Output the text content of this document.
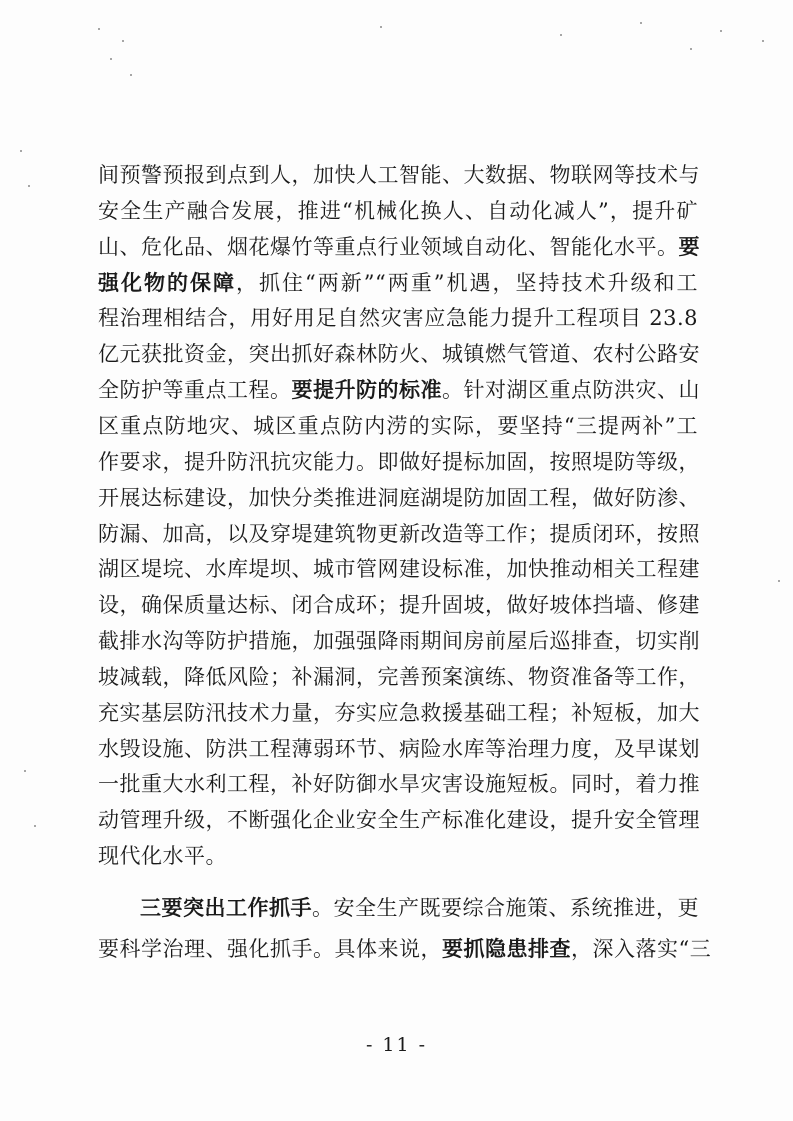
间预警预报到点到人，加快人工智能、大数据、物联网等技术与
安全生产融合发展，推进“机械化换人、自动化减人”，提升矿
山、危化品、烟花爆竹等重点行业领域自动化、智能化水平。要
强化物的保障，抓住“两新”“两重”机遇，坚持技术升级和工
程治理相结合，用好用足自然灾害应急能力提升工程项目 23.8
亿元获批资金，突出抓好森林防火、城镇燃气管道、农村公路安
全防护等重点工程。要提升防的标准。针对湖区重点防洪灾、山
区重点防地灾、城区重点防内涝的实际，要坚持“三提两补”工
作要求，提升防汛抗灾能力。即做好提标加固，按照堤防等级，
开展达标建设，加快分类推进洞庭湖堤防加固工程，做好防渗、
防漏、加高，以及穿堤建筑物更新改造等工作；提质闭环，按照
湖区堤垸、水库堤坝、城市管网建设标准，加快推动相关工程建
设，确保质量达标、闭合成环；提升固坡，做好坡体挡墙、修建
截排水沟等防护措施，加强强降雨期间房前屋后巡排查，切实削
坡减载，降低风险；补漏洞，完善预案演练、物资准备等工作，
充实基层防汛技术力量，夯实应急救援基础工程；补短板，加大
水毁设施、防洪工程薄弱环节、病险水库等治理力度，及早谋划
一批重大水利工程，补好防御水旱灾害设施短板。同时，着力推
动管理升级，不断强化企业安全生产标准化建设，提升安全管理
现代化水平。
三要突出工作抓手。安全生产既要综合施策、系统推进，更
要科学治理、强化抓手。具体来说，要抓隐患排查，深入落实“三
- 11 -
